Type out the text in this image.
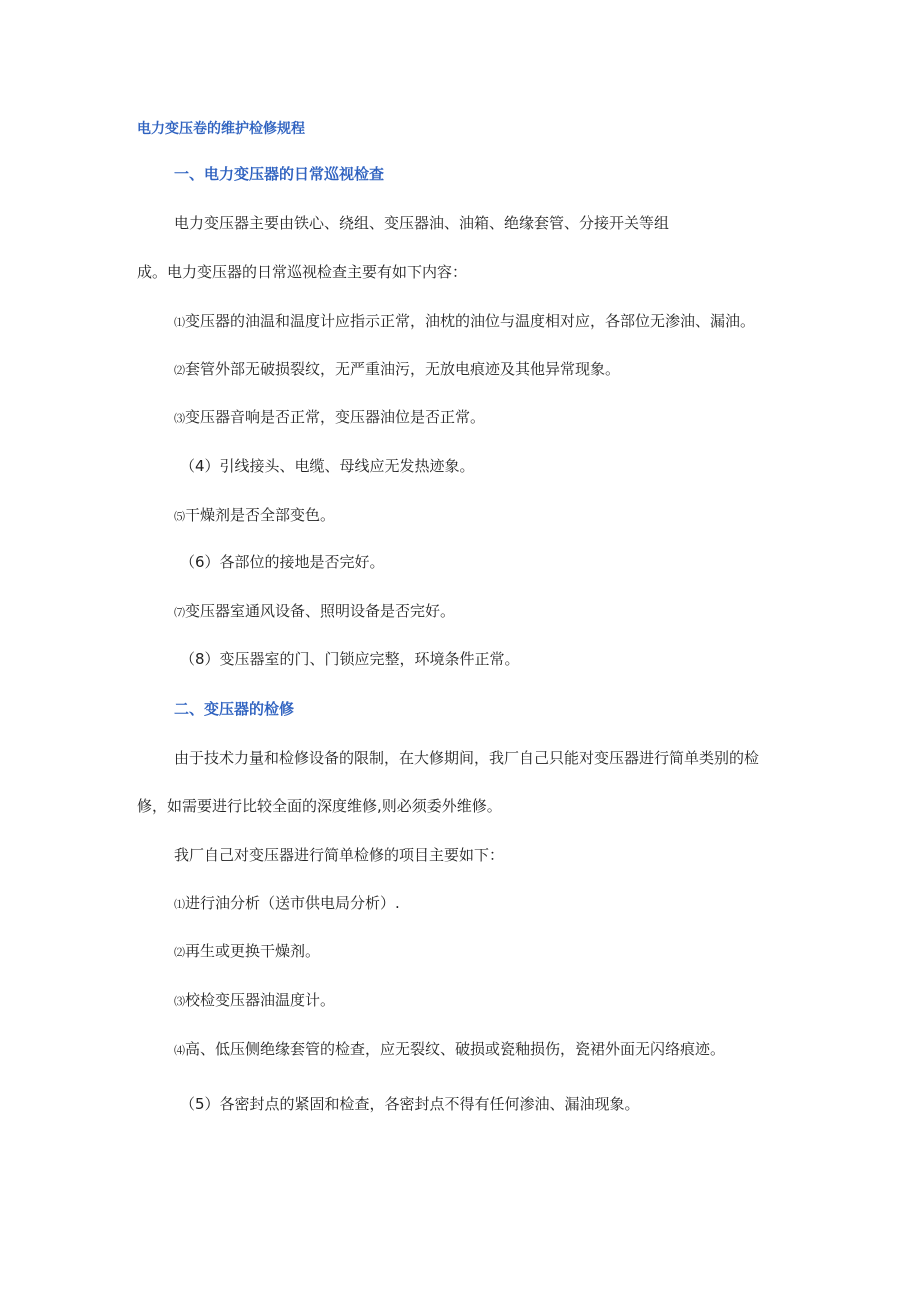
电力变压卷的维护检修规程
一、电力变压器的日常巡视检查
电力变压器主要由铁心、绕组、变压器油、油箱、绝缘套管、分接开关等组
成。电力变压器的日常巡视检查主要有如下内容：
⑴变压器的油温和温度计应指示正常，油枕的油位与温度相对应，各部位无渗油、漏油。
⑵套管外部无破损裂纹，无严重油污，无放电痕迹及其他异常现象。
⑶变压器音响是否正常，变压器油位是否正常。
（4）引线接头、电缆、母线应无发热迹象。
⑸干燥剂是否全部变色。
（6）各部位的接地是否完好。
⑺变压器室通风设备、照明设备是否完好。
（8）变压器室的门、门锁应完整，环境条件正常。
二、变压器的检修
由于技术力量和检修设备的限制，在大修期间，我厂自己只能对变压器进行简单类别的检
修，如需要进行比较全面的深度维修,则必须委外维修。
我厂自己对变压器进行简单检修的项目主要如下：
⑴进行油分析（送市供电局分析）.
⑵再生或更换干燥剂。
⑶校检变压器油温度计。
⑷高、低压侧绝缘套管的检查，应无裂纹、破损或瓷釉损伤，瓷裙外面无闪络痕迹。
（5）各密封点的紧固和检查，各密封点不得有任何渗油、漏油现象。
